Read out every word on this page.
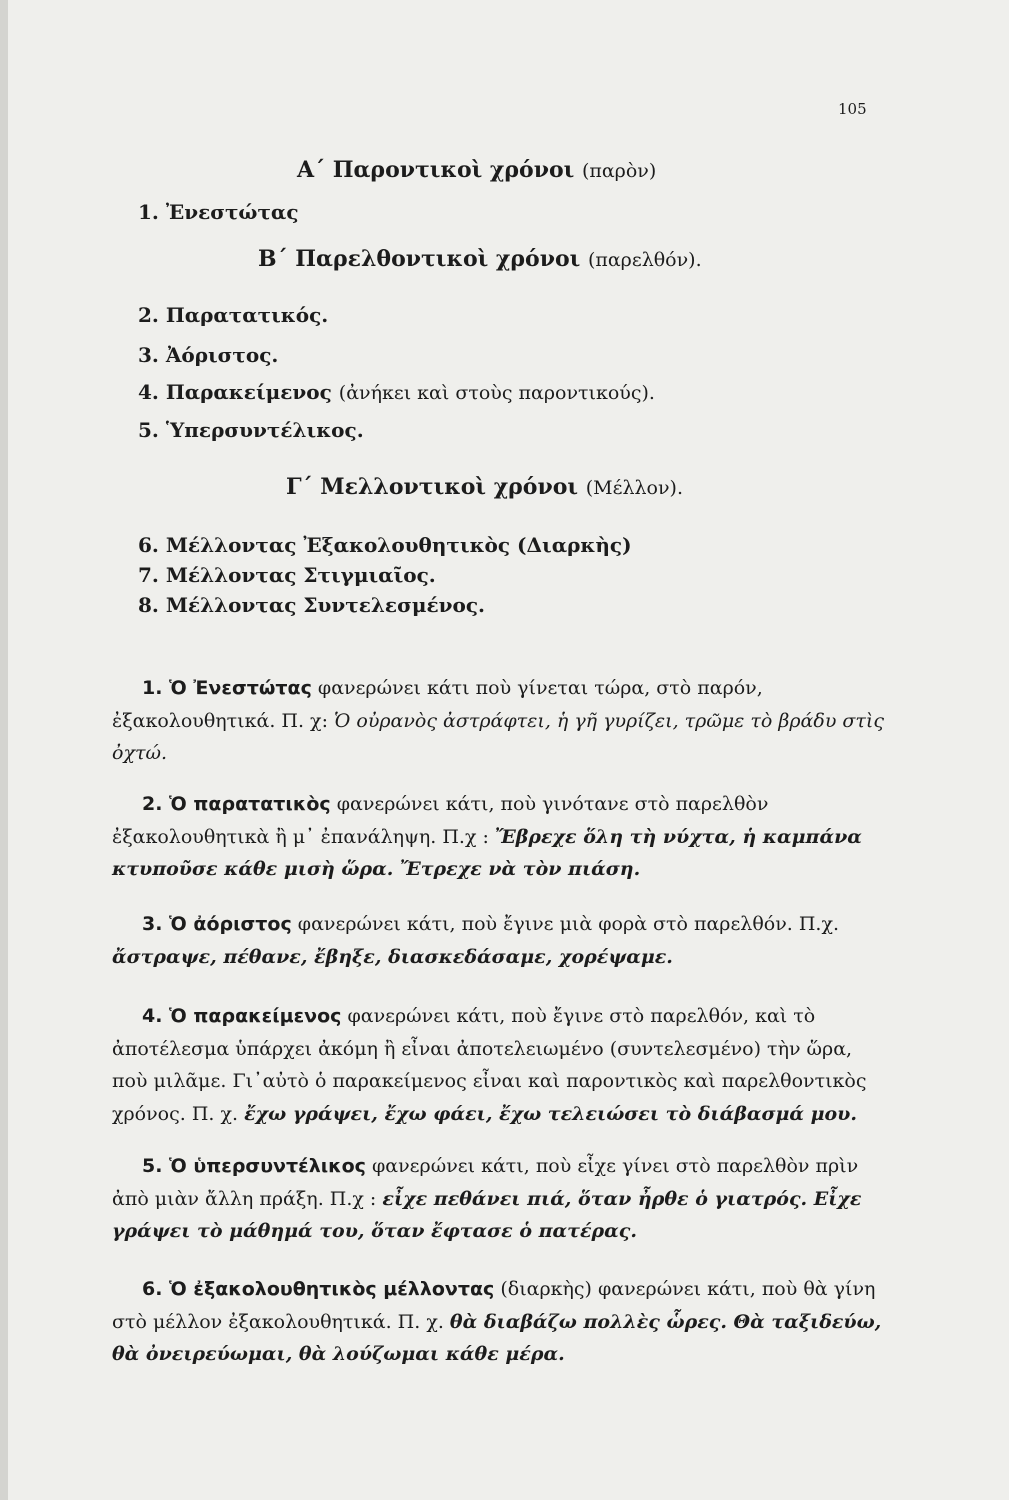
105
Α΄ Παροντικοὶ χρόνοι (παρὸν)
1. Ἐνεστώτας
Β΄ Παρελθοντικοὶ χρόνοι (παρελθόν).
2. Παρατατικός.
3. Ἀόριστος.
4. Παρακείμενος (ἀνήκει καὶ στοὺς παροντικούς).
5. Ὑπερσυντέλικος.
Γ΄ Μελλοντικοὶ χρόνοι (Μέλλον).
6. Μέλλοντας Ἐξακολουθητικὸς (Διαρκὴς)
7. Μέλλοντας Στιγμιαῖος.
8. Μέλλοντας Συντελεσμένος.
1. Ὁ Ἐνεστώτας φανερώνει κάτι ποὺ γίνεται τώρα, στὸ παρόν, ἐξακολουθητικά. Π. χ: Ὁ οὐρανὸς ἀστράφτει, ἡ γῆ γυρίζει, τρῶμε τὸ βράδυ στὶς ὀχτώ.
2. Ὁ παρατατικὸς φανερώνει κάτι, ποὺ γινότανε στὸ παρελθὸν ἐξακολουθητικὰ ἢ μ᾽ ἐπανάληψη. Π.χ : Ἔβρεχε ὅλη τὴ νύχτα, ἡ καμπάνα κτυποῦσε κάθε μισὴ ὥρα. Ἔτρεχε νὰ τὸν πιάση.
3. Ὁ ἀόριστος φανερώνει κάτι, ποὺ ἔγινε μιὰ φορὰ στὸ παρελθόν. Π.χ. ἄστραψε, πέθανε, ἔβηξε, διασκεδάσαμε, χορέψαμε.
4. Ὁ παρακείμενος φανερώνει κάτι, ποὺ ἔγινε στὸ παρελθόν, καὶ τὸ ἀποτέλεσμα ὑπάρχει ἀκόμη ἢ εἶναι ἀποτελειωμένο (συντελεσμένο) τὴν ὥρα, ποὺ μιλᾶμε. Γι᾽αὐτὸ ὁ παρακείμενος εἶναι καὶ παροντικὸς καὶ παρελθοντικὸς χρόνος. Π. χ. ἔχω γράψει, ἔχω φάει, ἔχω τελειώσει τὸ διάβασμά μου.
5. Ὁ ὑπερσυντέλικος φανερώνει κάτι, ποὺ εἶχε γίνει στὸ παρελθὸν πρὶν ἀπὸ μιὰν ἄλλη πράξη. Π.χ : εἶχε πεθάνει πιά, ὅταν ἦρθε ὁ γιατρός. Εἶχε γράψει τὸ μάθημά του, ὅταν ἔφτασε ὁ πατέρας.
6. Ὁ ἐξακολουθητικὸς μέλλοντας (διαρκὴς) φανερώνει κάτι, ποὺ θὰ γίνη στὸ μέλλον ἐξακολουθητικά. Π. χ. θὰ διαβάζω πολλὲς ὧρες. Θὰ ταξιδεύω, θὰ ὀνειρεύωμαι, θὰ λούζωμαι κάθε μέρα.
